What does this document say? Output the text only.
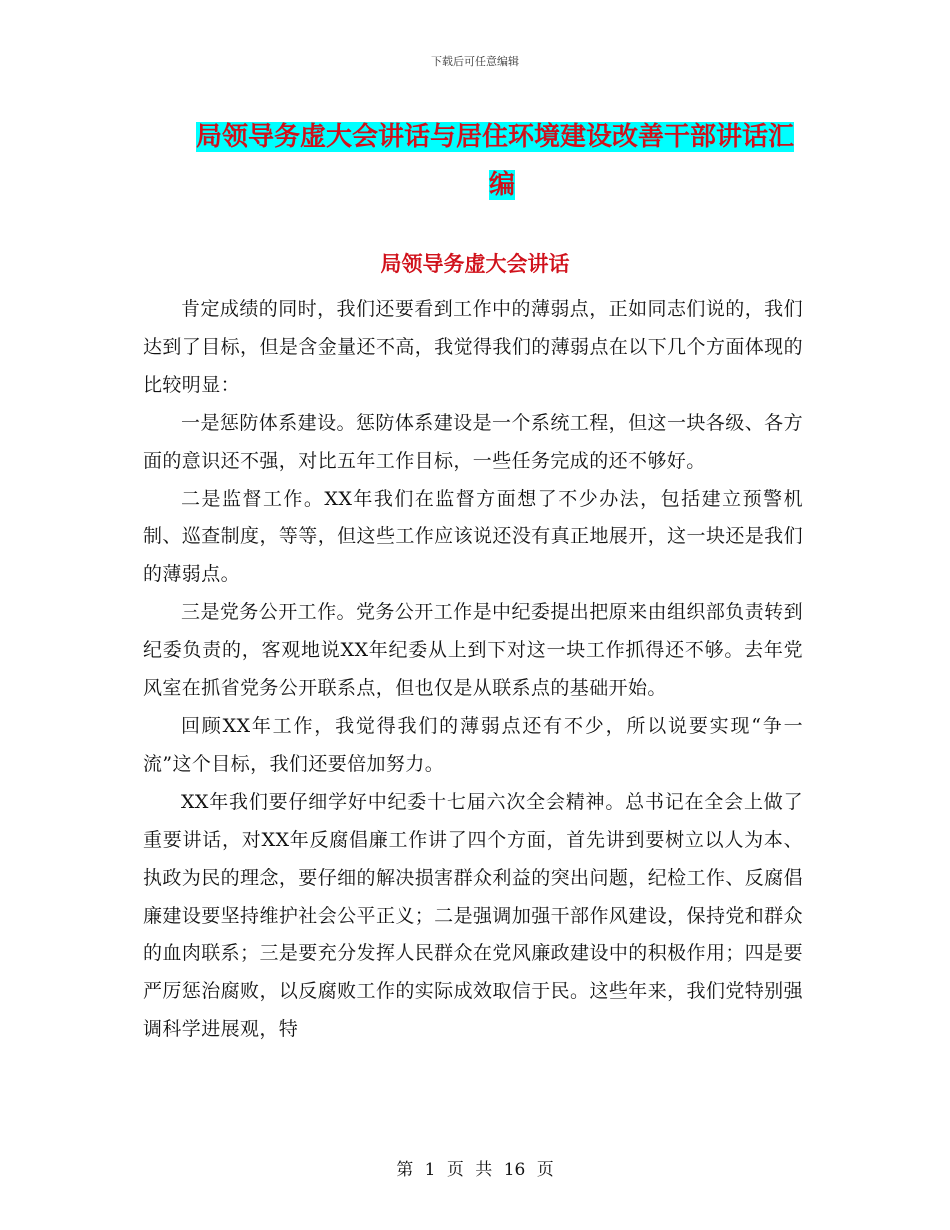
下载后可任意编辑
局领导务虚大会讲话与居住环境建设改善干部讲话汇
编
局领导务虚大会讲话

肯定成绩的同时，我们还要看到工作中的薄弱点，正如同志们说的，我们达到了目标，但是含金量还不高，我觉得我们的薄弱点在以下几个方面体现的比较明显：

一是惩防体系建设。惩防体系建设是一个系统工程，但这一块各级、各方面的意识还不强，对比五年工作目标，一些任务完成的还不够好。

二是监督工作。XX年我们在监督方面想了不少办法，包括建立预警机制、巡查制度，等等，但这些工作应该说还没有真正地展开，这一块还是我们的薄弱点。

三是党务公开工作。党务公开工作是中纪委提出把原来由组织部负责转到纪委负责的，客观地说XX年纪委从上到下对这一块工作抓得还不够。去年党风室在抓省党务公开联系点，但也仅是从联系点的基础开始。

回顾XX年工作，我觉得我们的薄弱点还有不少，所以说要实现“争一流”这个目标，我们还要倍加努力。

XX年我们要仔细学好中纪委十七届六次全会精神。总书记在全会上做了重要讲话，对XX年反腐倡廉工作讲了四个方面，首先讲到要树立以人为本、执政为民的理念，要仔细的解决损害群众利益的突出问题，纪检工作、反腐倡廉建设要坚持维护社会公平正义；二是强调加强干部作风建设，保持党和群众的血肉联系；三是要充分发挥人民群众在党风廉政建设中的积极作用；四是要严厉惩治腐败，以反腐败工作的实际成效取信于民。这些年来，我们党特别强调科学进展观，特

第 1 页 共 16 页
